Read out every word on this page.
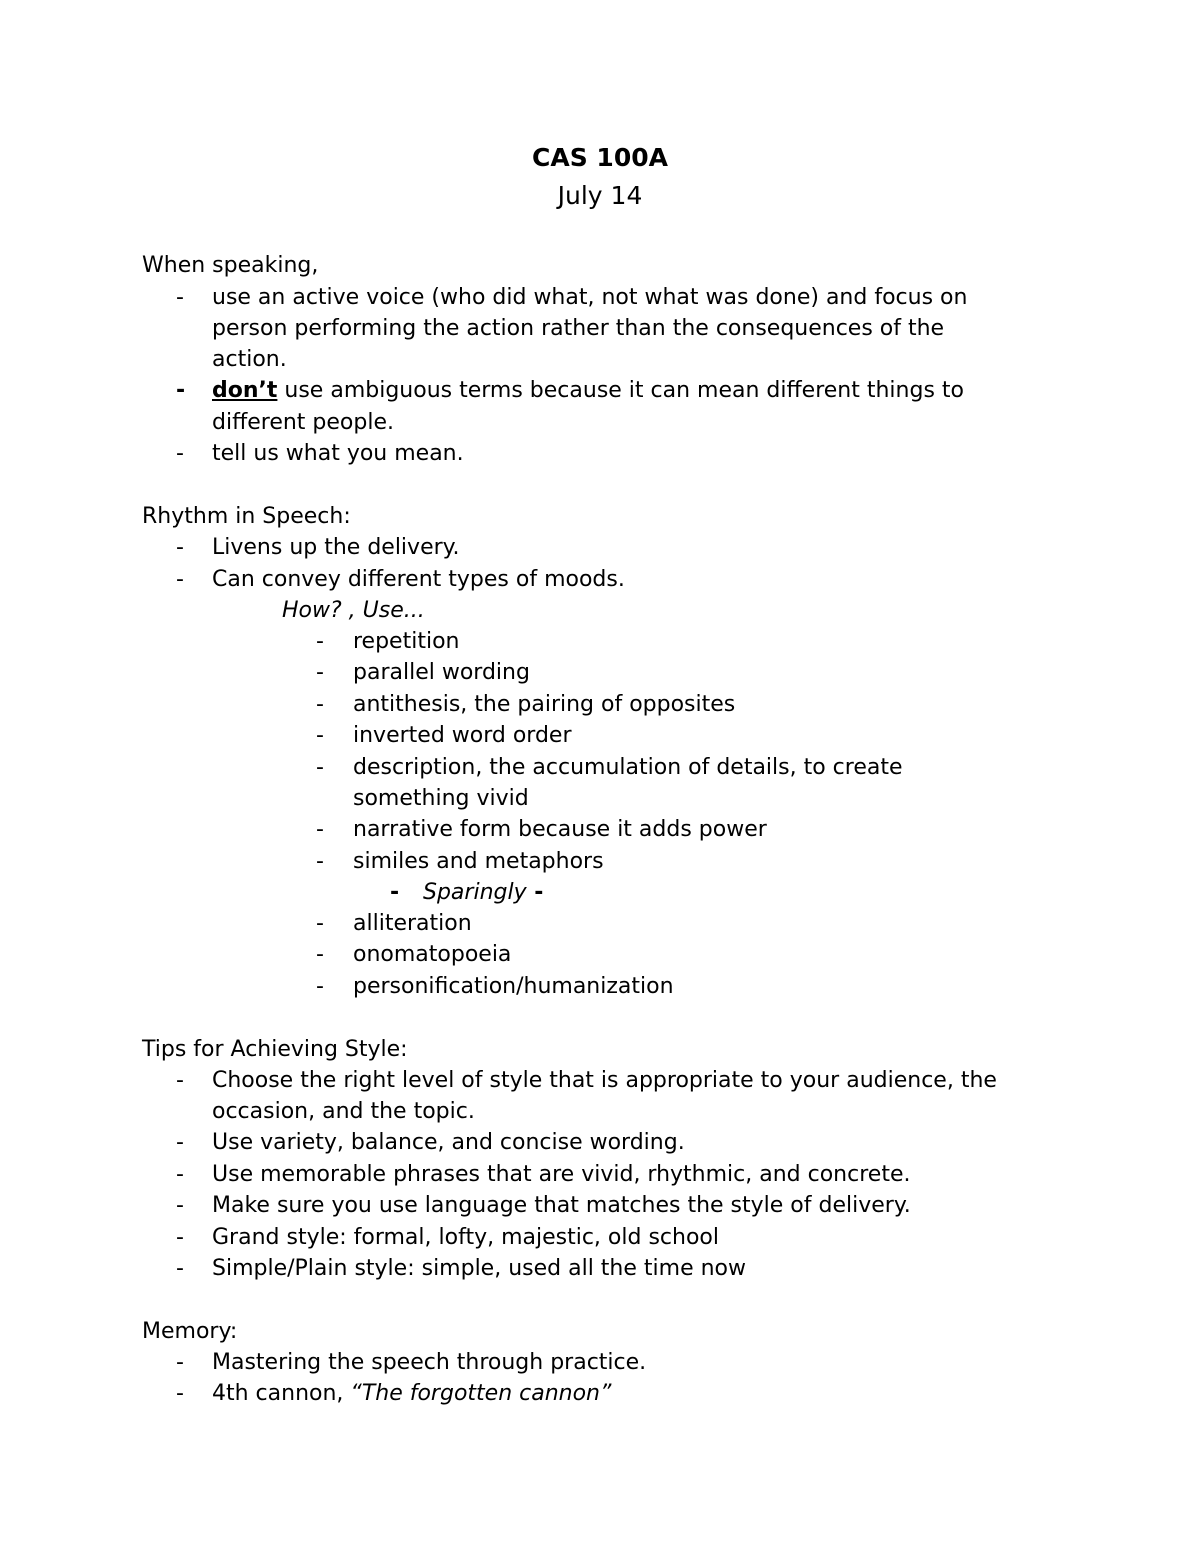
CAS 100A
July 14
When speaking,
- use an active voice (who did what, not what was done) and focus on
person performing the action rather than the consequences of the
action.
- don’t use ambiguous terms because it can mean different things to
different people.
- tell us what you mean.
Rhythm in Speech:
- Livens up the delivery.
- Can convey different types of moods.
How? , Use...
- repetition
- parallel wording
- antithesis, the pairing of opposites
- inverted word order
- description, the accumulation of details, to create
something vivid
- narrative form because it adds power
- similes and metaphors
- Sparingly -
- alliteration
- onomatopoeia
- personification/humanization
Tips for Achieving Style:
- Choose the right level of style that is appropriate to your audience, the
occasion, and the topic.
- Use variety, balance, and concise wording.
- Use memorable phrases that are vivid, rhythmic, and concrete.
- Make sure you use language that matches the style of delivery.
- Grand style: formal, lofty, majestic, old school
- Simple/Plain style: simple, used all the time now
Memory:
- Mastering the speech through practice.
- 4th cannon, “The forgotten cannon”
